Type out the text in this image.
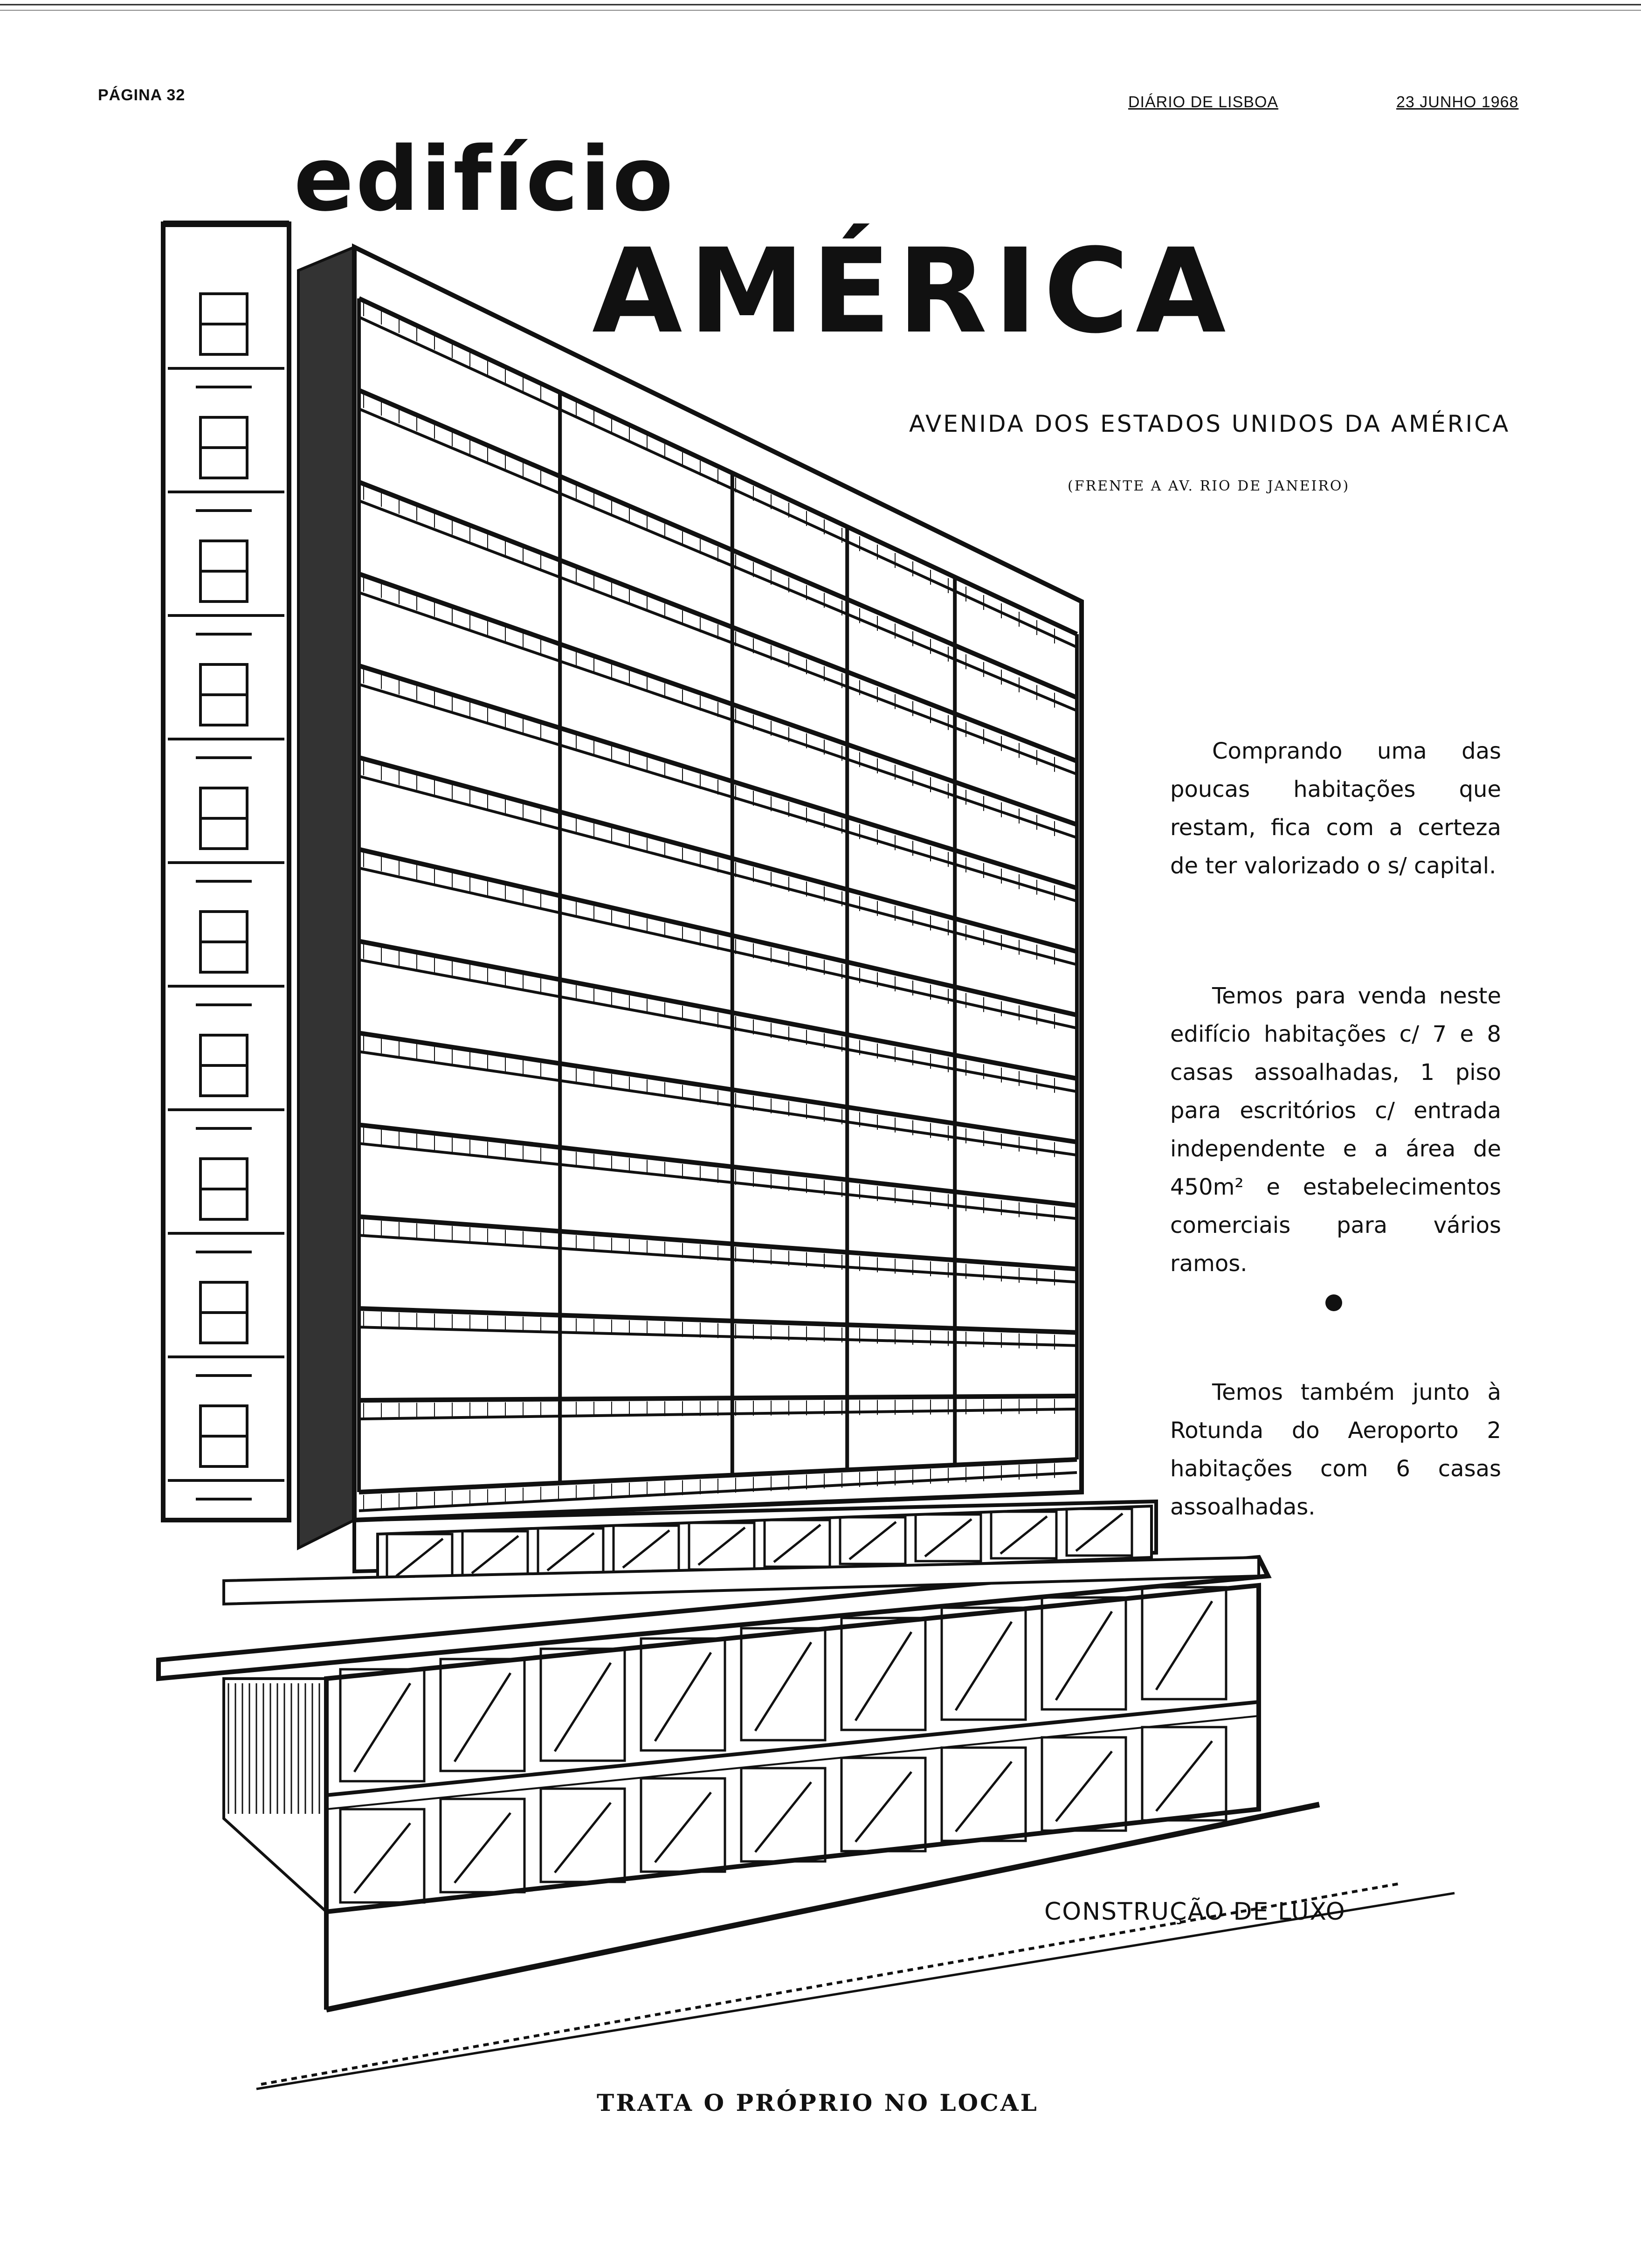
PÁGINA 32	DIÁRIO DE LISBOA	23 JUNHO 1968
edifício
AMÉRICA
AVENIDA DOS ESTADOS UNIDOS DA AMÉRICA
(FRENTE A AV. RIO DE JANEIRO)
Comprando uma das poucas habitações que restam, fica com a certeza de ter valorizado o s/ capital.
Temos para venda neste edifício habitações c/ 7 e 8 casas assoalhadas, 1 piso para escritórios c/ entrada independente e a área de 450m² e estabelecimentos comerciais para vários ramos.
Temos também junto à Rotunda do Aeroporto 2 habitações com 6 casas assoalhadas.
CONSTRUÇÃO DE LUXO
TRATA O PRÓPRIO NO LOCAL
